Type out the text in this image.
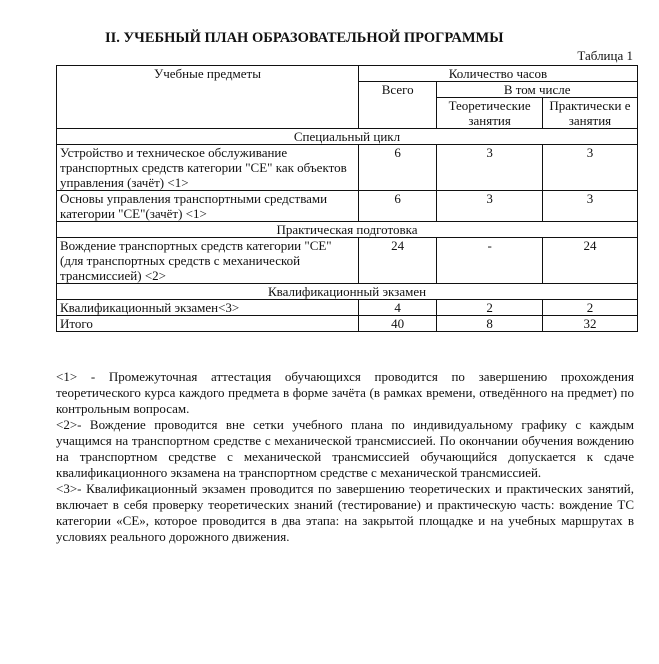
II. УЧЕБНЫЙ ПЛАН ОБРАЗОВАТЕЛЬНОЙ ПРОГРАММЫ
Таблица 1
Учебные предметы	Количество часов		
	Всего	В том числе	
		Теоретические занятия	Практически е занятия
Специальный цикл			
Устройство и техническое обслуживание транспортных средств категории "CE" как объектов управления (зачёт) <1>	6	3	3
Основы управления транспортными средствами категории "CE"(зачёт) <1>	6	3	3
Практическая подготовка			
Вождение транспортных средств категории "CE" (для транспортных средств с механической трансмиссией) <2>	24	-	24
Квалификационный экзамен			
Квалификационный экзамен<3>	4	2	2
Итого	40	8	32

<1> - Промежуточная аттестация обучающихся проводится по завершению прохождения теоретического курса каждого предмета в форме зачёта (в рамках времени, отведённого на предмет) по контрольным вопросам.

<2>- Вождение проводится вне сетки учебного плана по индивидуальному графику с каждым учащимся на транспортном средстве с механической трансмиссией. По окончании обучения вождению на транспортном средстве с механической трансмиссией обучающийся допускается к сдаче квалификационного экзамена на транспортном средстве с механической трансмиссией.

<3>- Квалификационный экзамен проводится по завершению теоретических и практических занятий, включает в себя проверку теоретических знаний (тестирование) и практическую часть: вождение ТС категории «CE», которое проводится в два этапа: на закрытой площадке и на учебных маршрутах в условиях реального дорожного движения.
